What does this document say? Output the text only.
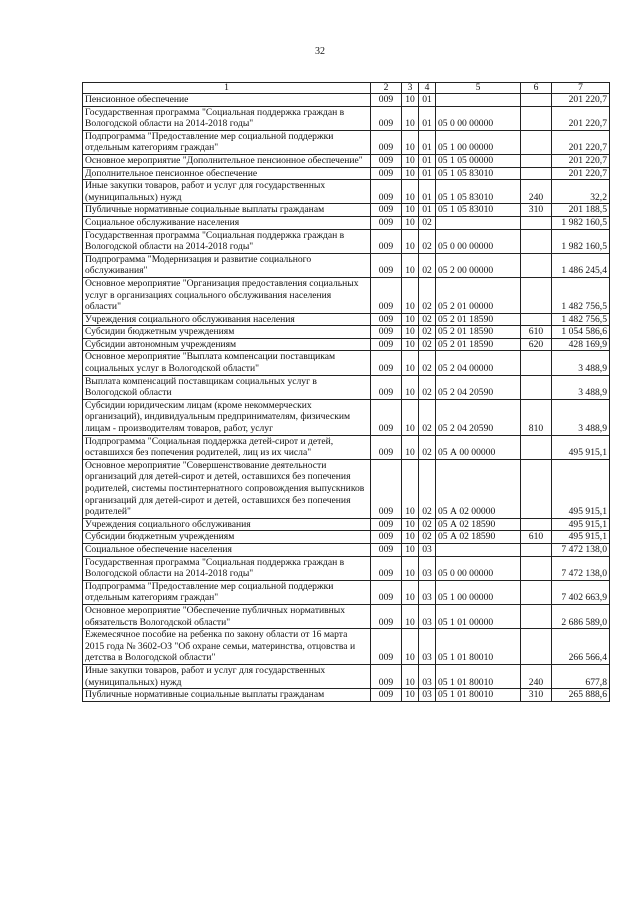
32
1	2	3	4	5	6	7
Пенсионное обеспечение	009	10	01			201 220,7
Государственная программа "Социальная поддержка граждан в Вологодской области на 2014-2018 годы"	009	10	01	05 0 00 00000		201 220,7
Подпрограмма "Предоставление мер социальной поддержки отдельным категориям граждан"	009	10	01	05 1 00 00000		201 220,7
Основное мероприятие "Дополнительное пенсионное обеспечение"	009	10	01	05 1 05 00000		201 220,7
Дополнительное пенсионное обеспечение	009	10	01	05 1 05 83010		201 220,7
Иные закупки товаров, работ и услуг для государственных (муниципальных) нужд	009	10	01	05 1 05 83010	240	32,2
Публичные нормативные социальные выплаты гражданам	009	10	01	05 1 05 83010	310	201 188,5
Социальное обслуживание населения	009	10	02			1 982 160,5
Государственная программа "Социальная поддержка граждан в Вологодской области на 2014-2018 годы"	009	10	02	05 0 00 00000		1 982 160,5
Подпрограмма "Модернизация и развитие социального обслуживания"	009	10	02	05 2 00 00000		1 486 245,4
Основное мероприятие "Организация предоставления социальных услуг в организациях социального обслуживания населения области"	009	10	02	05 2 01 00000		1 482 756,5
Учреждения социального обслуживания населения	009	10	02	05 2 01 18590		1 482 756,5
Субсидии бюджетным учреждениям	009	10	02	05 2 01 18590	610	1 054 586,6
Субсидии автономным учреждениям	009	10	02	05 2 01 18590	620	428 169,9
Основное мероприятие "Выплата компенсации поставщикам социальных услуг в Вологодской области"	009	10	02	05 2 04 00000		3 488,9
Выплата компенсаций поставщикам социальных услуг в Вологодской области	009	10	02	05 2 04 20590		3 488,9
Субсидии юридическим лицам (кроме некоммерческих организаций), индивидуальным предпринимателям, физическим лицам - производителям товаров, работ, услуг	009	10	02	05 2 04 20590	810	3 488,9
Подпрограмма "Социальная поддержка детей-сирот и детей, оставшихся без попечения родителей, лиц из их числа"	009	10	02	05 А 00 00000		495 915,1
Основное мероприятие "Совершенствование деятельности организаций для детей-сирот и детей, оставшихся без попечения родителей, системы постинтернатного сопровождения выпускников организаций для детей-сирот и детей, оставшихся без попечения родителей"	009	10	02	05 А 02 00000		495 915,1
Учреждения социального обслуживания	009	10	02	05 А 02 18590		495 915,1
Субсидии бюджетным учреждениям	009	10	02	05 А 02 18590	610	495 915,1
Социальное обеспечение населения	009	10	03			7 472 138,0
Государственная программа "Социальная поддержка граждан в Вологодской области на 2014-2018 годы"	009	10	03	05 0 00 00000		7 472 138,0
Подпрограмма "Предоставление мер социальной поддержки отдельным категориям граждан"	009	10	03	05 1 00 00000		7 402 663,9
Основное мероприятие "Обеспечение публичных нормативных обязательств Вологодской области"	009	10	03	05 1 01 00000		2 686 589,0
Ежемесячное пособие на ребенка по закону области от 16 марта 2015 года № 3602-ОЗ "Об охране семьи, материнства, отцовства и детства в Вологодской области"	009	10	03	05 1 01 80010		266 566,4
Иные закупки товаров, работ и услуг для государственных (муниципальных) нужд	009	10	03	05 1 01 80010	240	677,8
Публичные нормативные социальные выплаты гражданам	009	10	03	05 1 01 80010	310	265 888,6
